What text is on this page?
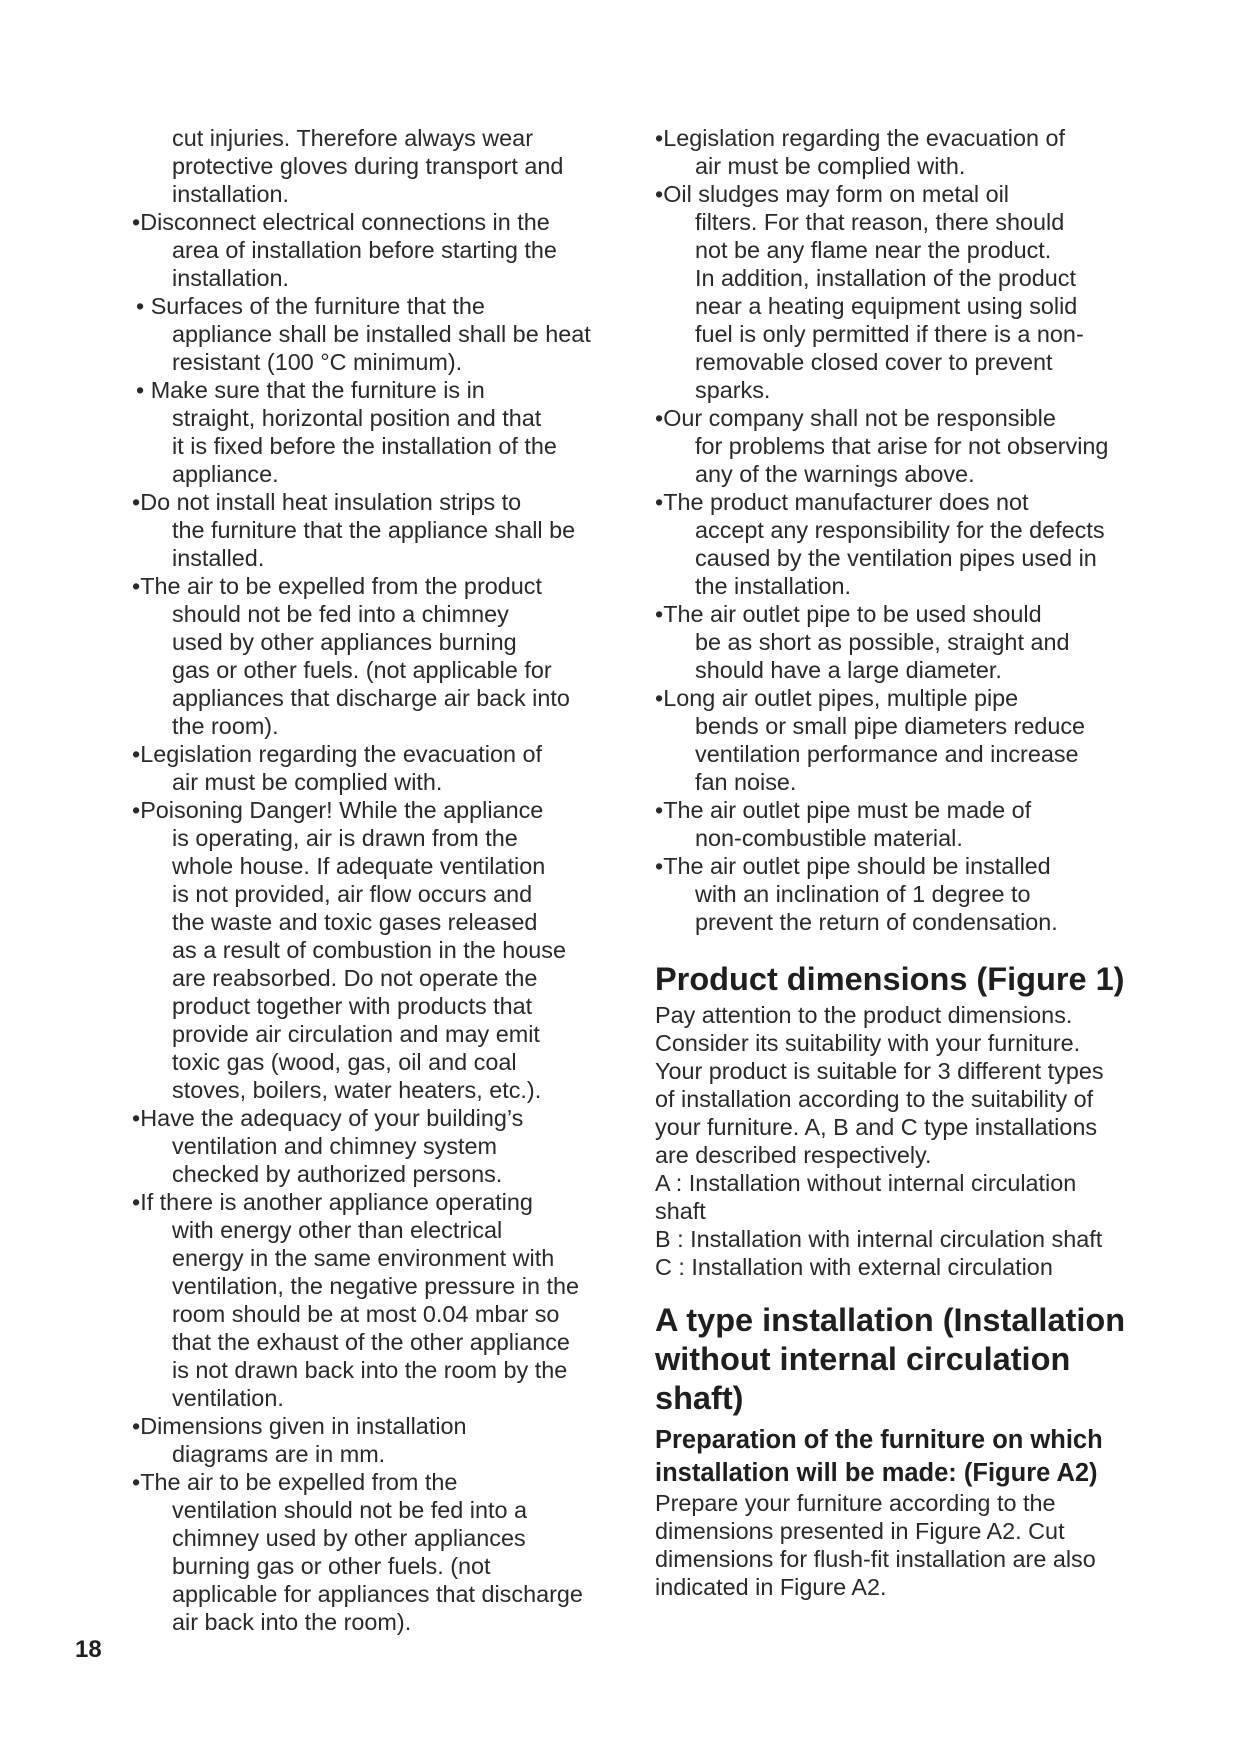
cut injuries. Therefore always wear
protective gloves during transport and
installation.
•Disconnect electrical connections in the
area of installation before starting the
installation.
• Surfaces of the furniture that the
appliance shall be installed shall be heat
resistant (100 °C minimum).
• Make sure that the furniture is in
straight, horizontal position and that
it is fixed before the installation of the
appliance.
•Do not install heat insulation strips to
the furniture that the appliance shall be
installed.
•The air to be expelled from the product
should not be fed into a chimney
used by other appliances burning
gas or other fuels. (not applicable for
appliances that discharge air back into
the room).
•Legislation regarding the evacuation of
air must be complied with.
•Poisoning Danger! While the appliance
is operating, air is drawn from the
whole house. If adequate ventilation
is not provided, air flow occurs and
the waste and toxic gases released
as a result of combustion in the house
are reabsorbed. Do not operate the
product together with products that
provide air circulation and may emit
toxic gas (wood, gas, oil and coal
stoves, boilers, water heaters, etc.).
•Have the adequacy of your building’s
ventilation and chimney system
checked by authorized persons.
•If there is another appliance operating
with energy other than electrical
energy in the same environment with
ventilation, the negative pressure in the
room should be at most 0.04 mbar so
that the exhaust of the other appliance
is not drawn back into the room by the
ventilation.
•Dimensions given in installation
diagrams are in mm.
•The air to be expelled from the
ventilation should not be fed into a
chimney used by other appliances
burning gas or other fuels. (not
applicable for appliances that discharge
air back into the room).
•Legislation regarding the evacuation of
air must be complied with.
•Oil sludges may form on metal oil
filters. For that reason, there should
not be any flame near the product.
In addition, installation of the product
near a heating equipment using solid
fuel is only permitted if there is a non-
removable closed cover to prevent
sparks.
•Our company shall not be responsible
for problems that arise for not observing
any of the warnings above.
•The product manufacturer does not
accept any responsibility for the defects
caused by the ventilation pipes used in
the installation.
•The air outlet pipe to be used should
be as short as possible, straight and
should have a large diameter.
•Long air outlet pipes, multiple pipe
bends or small pipe diameters reduce
ventilation performance and increase
fan noise.
•The air outlet pipe must be made of
non-combustible material.
•The air outlet pipe should be installed
with an inclination of 1 degree to
prevent the return of condensation.
Product dimensions (Figure 1)
Pay attention to the product dimensions.
Consider its suitability with your furniture.
Your product is suitable for 3 different types
of installation according to the suitability of
your furniture. A, B and C type installations
are described respectively.
A : Installation without internal circulation
shaft
B : Installation with internal circulation shaft
C : Installation with external circulation
A type installation (Installation
without internal circulation
shaft)
Preparation of the furniture on which
installation will be made: (Figure A2)
Prepare your furniture according to the
dimensions presented in Figure A2. Cut
dimensions for flush-fit installation are also
indicated in Figure A2.
18
